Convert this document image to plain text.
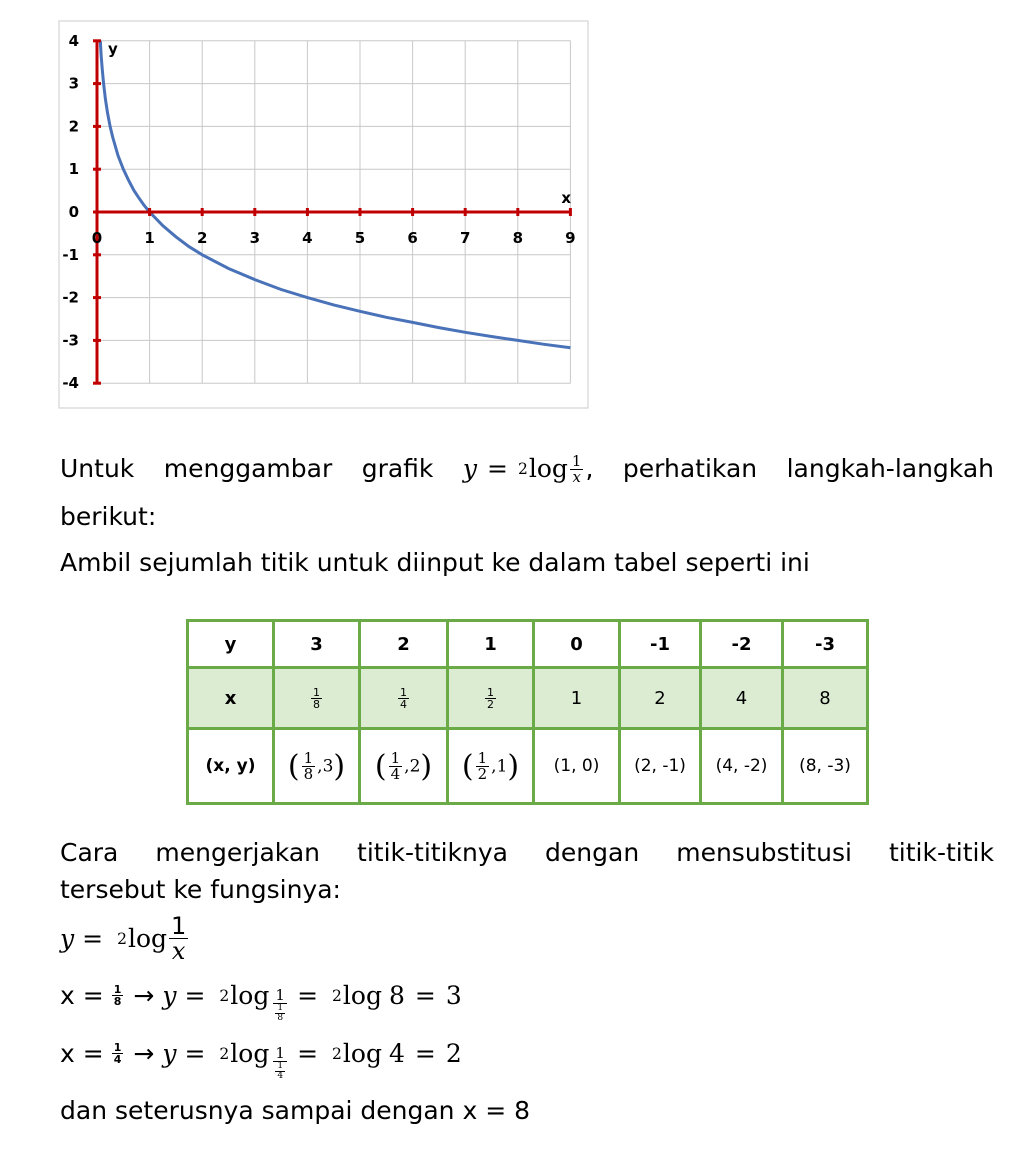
0	1	2	3	4	5	6	7	8	9
4
3
2
1
0
-1
-2
-3
-4
x
y
Untuk menggambar grafik y = 2 $\log \frac{1}{x}$ , perhatikan langkah-langkah
berikut:
Ambil sejumlah titik untuk diinput ke dalam tabel seperti ini
y	3	2	1	0	-1	-2	-3
x	$\frac{1}{8}$	$\frac{1}{4}$	$\frac{1}{2}$	1	2	4	8
(x, y)	( $\frac{1}{8} ,3$)	( $\frac{1}{4} ,2$)	( $\frac{1}{2} ,1$)	(1, 0)	(2, -1)	(4, -2)	(8, -3)
Cara mengerjakan titik-titiknya dengan mensubstitusi titik-titik
tersebut ke fungsinya:
y = 2 $\log \frac{1}{x}$
$x = \frac{1}{8} \to y = 2$ $\log \frac{1}{\frac{1}{8}} = 2$ log 8 = 3
$x = \frac{1}{4} \to y = 2$ $\log \frac{1}{\frac{1}{4}} = 2$ log 4 = 2
dan seterusnya sampai dengan x = 8
